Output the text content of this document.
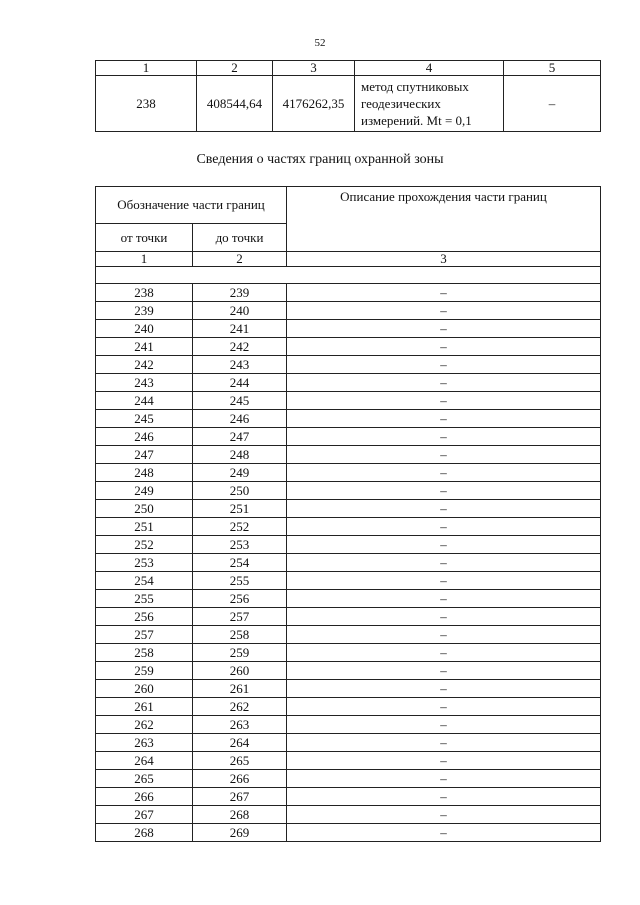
52
1	2	3	4	5
238	408544,64	4176262,35	метод спутниковых геодезических измерений. Mt = 0,1	–
Сведения о частях границ охранной зоны
Обозначение части границ		Описание прохождения части границ
от точки	до точки	
1	2	3

238	239	–
239	240	–
240	241	–
241	242	–
242	243	–
243	244	–
244	245	–
245	246	–
246	247	–
247	248	–
248	249	–
249	250	–
250	251	–
251	252	–
252	253	–
253	254	–
254	255	–
255	256	–
256	257	–
257	258	–
258	259	–
259	260	–
260	261	–
261	262	–
262	263	–
263	264	–
264	265	–
265	266	–
266	267	–
267	268	–
268	269	–
